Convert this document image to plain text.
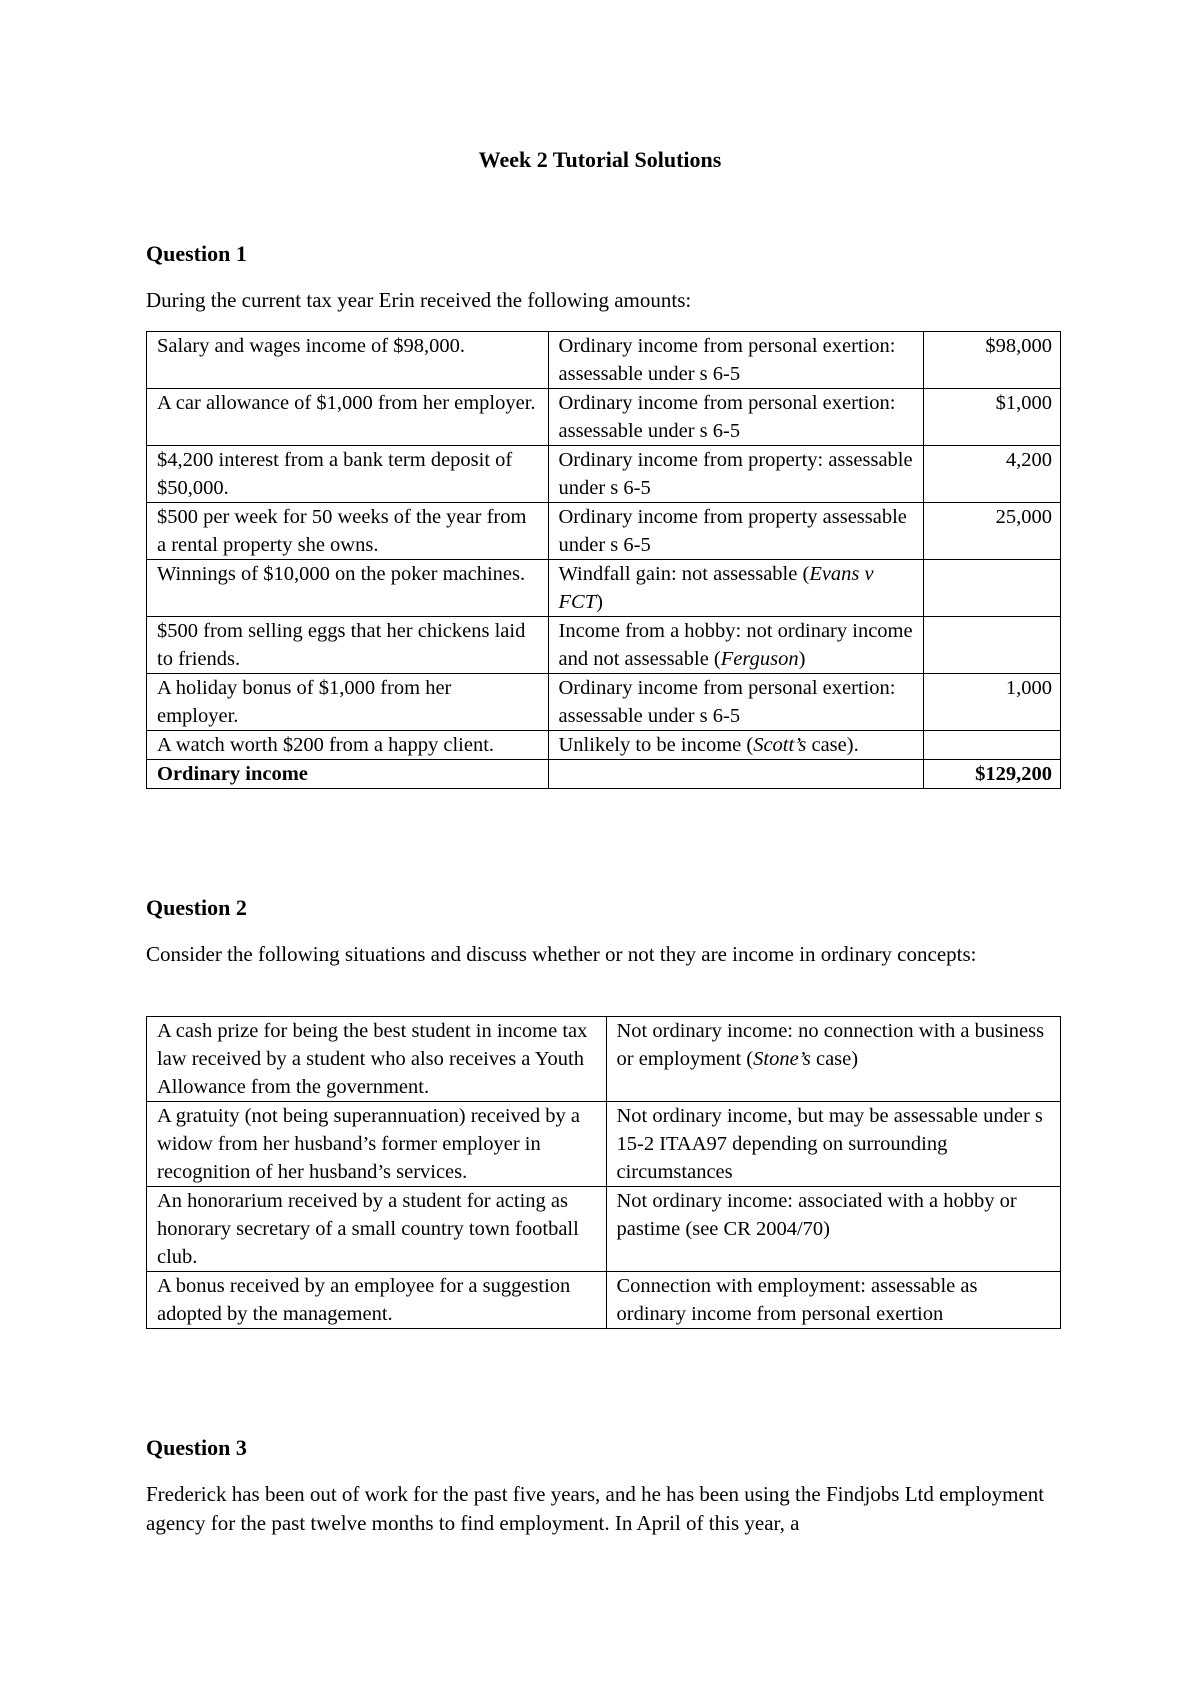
Week 2 Tutorial Solutions
Question 1
During the current tax year Erin received the following amounts:
Salary and wages income of $98,000.	Ordinary income from personal exertion: assessable under s 6-5	$98,000
A car allowance of $1,000 from her employer.	Ordinary income from personal exertion: assessable under s 6-5	$1,000
$4,200 interest from a bank term deposit of $50,000.	Ordinary income from property: assessable under s 6-5	4,200
$500 per week for 50 weeks of the year from a rental property she owns.	Ordinary income from property assessable under s 6-5	25,000
Winnings of $10,000 on the poker machines.	Windfall gain: not assessable (Evans v FCT)	
$500 from selling eggs that her chickens laid to friends.	Income from a hobby: not ordinary income and not assessable (Ferguson)	
A holiday bonus of $1,000 from her employer.	Ordinary income from personal exertion: assessable under s 6-5	1,000
A watch worth $200 from a happy client.	Unlikely to be income (Scott’s case).	
Ordinary income		$129,200
Question 2
Consider the following situations and discuss whether or not they are income in ordinary concepts:
A cash prize for being the best student in income tax law received by a student who also receives a Youth Allowance from the government.	Not ordinary income: no connection with a business or employment (Stone’s case)
A gratuity (not being superannuation) received by a widow from her husband’s former employer in recognition of her husband’s services.	Not ordinary income, but may be assessable under s 15-2 ITAA97 depending on surrounding circumstances
An honorarium received by a student for acting as honorary secretary of a small country town football club.	Not ordinary income: associated with a hobby or pastime (see CR 2004/70)
A bonus received by an employee for a suggestion adopted by the management.	Connection with employment: assessable as ordinary income from personal exertion
Question 3
Frederick has been out of work for the past five years, and he has been using the Findjobs Ltd employment agency for the past twelve months to find employment. In April of this year, a
